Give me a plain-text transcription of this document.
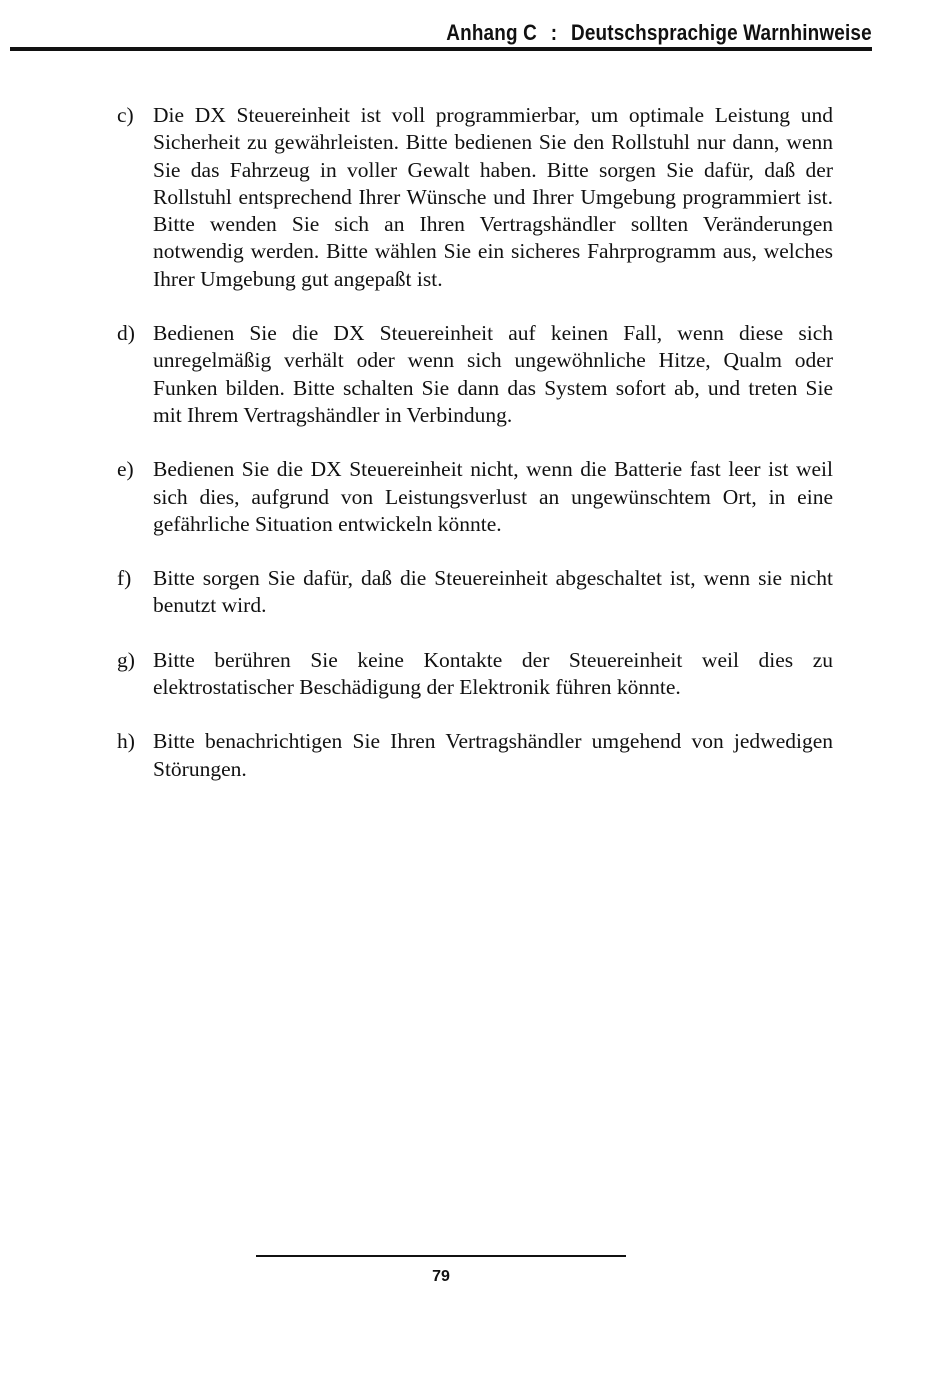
Anhang C : Deutschsprachige Warnhinweise
c) Die DX Steuereinheit ist voll programmierbar, um optimale Leistung und Sicherheit zu gewährleisten. Bitte bedienen Sie den Rollstuhl nur dann, wenn Sie das Fahrzeug in voller Gewalt haben. Bitte sorgen Sie dafür, daß der Rollstuhl entsprechend Ihrer Wünsche und Ihrer Umgebung programmiert ist. Bitte wenden Sie sich an Ihren Vertragshändler sollten Veränderungen notwendig werden. Bitte wählen Sie ein sicheres Fahrprogramm aus, welches Ihrer Umgebung gut angepaßt ist.
d) Bedienen Sie die DX Steuereinheit auf keinen Fall, wenn diese sich unregelmäßig verhält oder wenn sich ungewöhnliche Hitze, Qualm oder Funken bilden. Bitte schalten Sie dann das System sofort ab, und treten Sie mit Ihrem Vertragshändler in Verbindung.
e) Bedienen Sie die DX Steuereinheit nicht, wenn die Batterie fast leer ist weil sich dies, aufgrund von Leistungsverlust an ungewünschtem Ort, in eine gefährliche Situation entwickeln könnte.
f) Bitte sorgen Sie dafür, daß die Steuereinheit abgeschaltet ist, wenn sie nicht benutzt wird.
g) Bitte berühren Sie keine Kontakte der Steuereinheit weil dies zu elektrostatischer Beschädigung der Elektronik führen könnte.
h) Bitte benachrichtigen Sie Ihren Vertragshändler umgehend von jedwedigen Störungen.
79
